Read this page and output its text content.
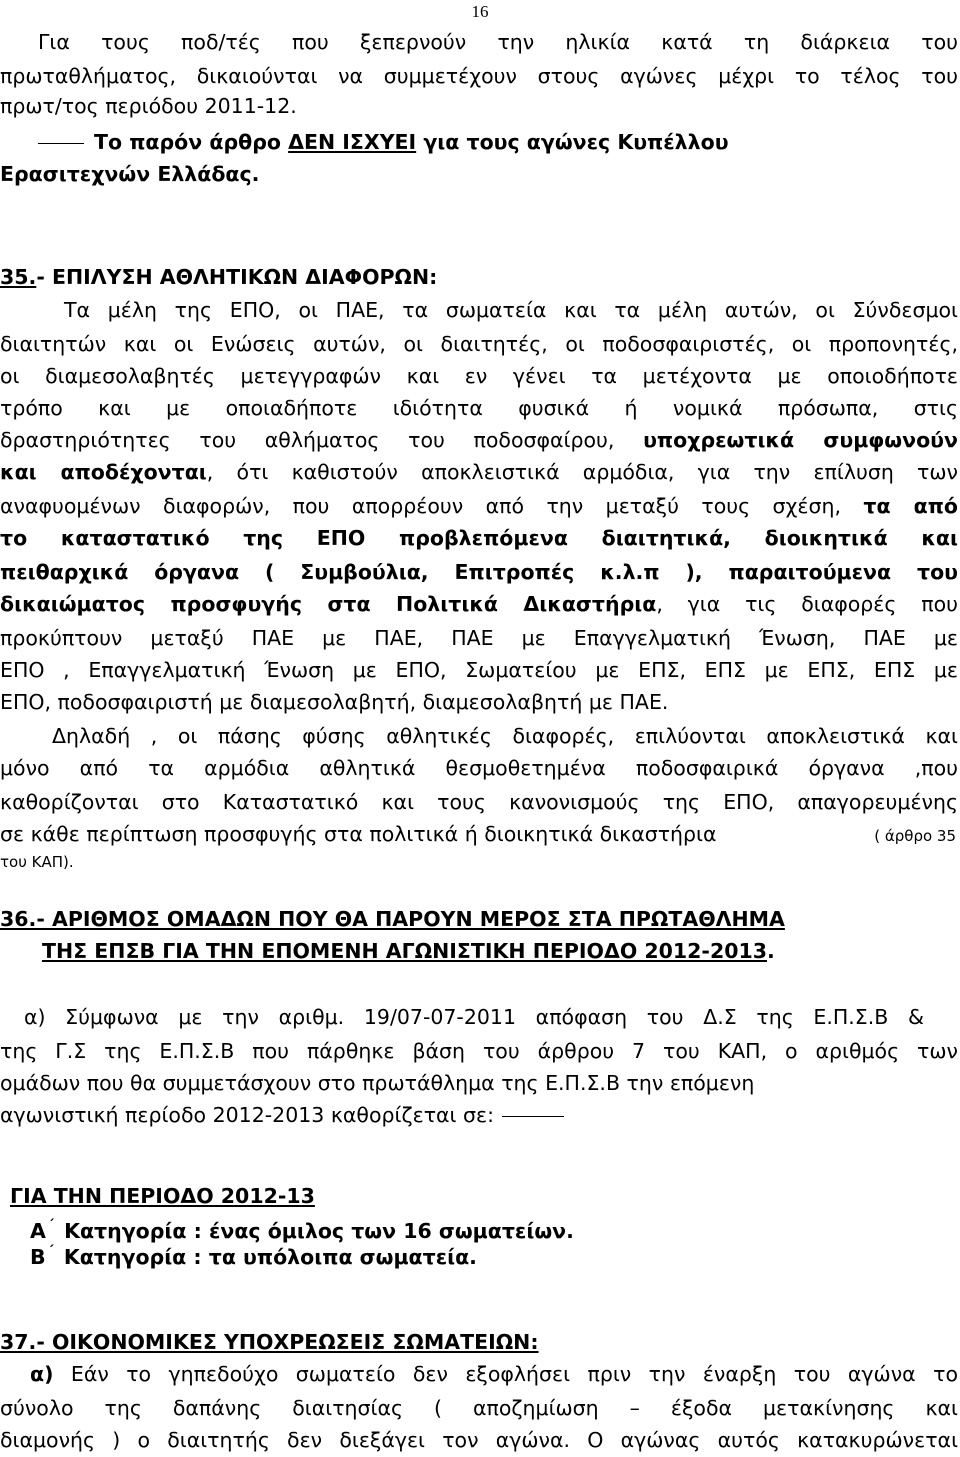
16
Για τους ποδ/τές που ξεπερνούν την ηλικία κατά τη διάρκεια του
πρωταθλήματος, δικαιούνται να συμμετέχουν στους αγώνες μέχρι το τέλος του
πρωτ/τος περιόδου 2011-12.
Το παρόν άρθρο ΔΕΝ ΙΣΧΥΕΙ για τους αγώνες Κυπέλλου
Ερασιτεχνών Ελλάδας.
35.- ΕΠΙΛΥΣΗ ΑΘΛΗΤΙΚΩΝ ΔΙΑΦΟΡΩΝ:
Τα μέλη της ΕΠΟ, οι ΠΑΕ, τα σωματεία και τα μέλη αυτών, οι Σύνδεσμοι
διαιτητών και οι Ενώσεις αυτών, οι διαιτητές, οι ποδοσφαιριστές, οι προπονητές,
οι διαμεσολαβητές μετεγγραφών και εν γένει τα μετέχοντα με οποιοδήποτε
τρόπο και με οποιαδήποτε ιδιότητα φυσικά ή νομικά πρόσωπα, στις
δραστηριότητες του αθλήματος του ποδοσφαίρου, υποχρεωτικά συμφωνούν
και αποδέχονται, ότι καθιστούν αποκλειστικά αρμόδια, για την επίλυση των
αναφυομένων διαφορών, που απορρέουν από την μεταξύ τους σχέση, τα από
το καταστατικό της ΕΠΟ προβλεπόμενα διαιτητικά, διοικητικά και
πειθαρχικά όργανα ( Συμβούλια, Επιτροπές κ.λ.π ), παραιτούμενα του
δικαιώματος προσφυγής στα Πολιτικά Δικαστήρια, για τις διαφορές που
προκύπτουν μεταξύ ΠΑΕ με ΠΑΕ, ΠΑΕ με Επαγγελματική Ένωση, ΠΑΕ με
ΕΠΟ , Επαγγελματική Ένωση με ΕΠΟ, Σωματείου με ΕΠΣ, ΕΠΣ με ΕΠΣ, ΕΠΣ με
ΕΠΟ, ποδοσφαιριστή με διαμεσολαβητή, διαμεσολαβητή με ΠΑΕ.
Δηλαδή , οι πάσης φύσης αθλητικές διαφορές, επιλύονται αποκλειστικά και
μόνο από τα αρμόδια αθλητικά θεσμοθετημένα ποδοσφαιρικά όργανα ,που
καθορίζονται στο Καταστατικό και τους κανονισμούς της ΕΠΟ, απαγορευμένης
σε κάθε περίπτωση προσφυγής στα πολιτικά ή διοικητικά δικαστήρια	( άρθρο 35
του ΚΑΠ).
36.- ΑΡΙΘΜΟΣ ΟΜΑΔΩΝ ΠΟΥ ΘΑ ΠΑΡΟΥΝ ΜΕΡΟΣ ΣΤΑ ΠΡΩΤΑΘΛΗΜΑ
ΤΗΣ ΕΠΣΒ ΓΙΑ ΤΗΝ ΕΠΟΜΕΝΗ ΑΓΩΝΙΣΤΙΚΗ ΠΕΡΙΟΔΟ 2012-2013.
α) Σύμφωνα με την αριθμ. 19/07-07-2011 απόφαση του Δ.Σ της Ε.Π.Σ.Β &
της Γ.Σ της Ε.Π.Σ.Β που πάρθηκε βάση του άρθρου 7 του ΚΑΠ, ο αριθμός των
ομάδων που θα συμμετάσχουν στο πρωτάθλημα της Ε.Π.Σ.Β την επόμενη
αγωνιστική περίοδο 2012-2013 καθορίζεται σε:
ΓΙΑ ΤΗΝ ΠΕΡΙΟΔΟ 2012-13
Α ΄ Κατηγορία : ένας όμιλος των 16 σωματείων.
Β ΄ Κατηγορία : τα υπόλοιπα σωματεία.
37.- ΟΙΚΟΝΟΜΙΚΕΣ ΥΠΟΧΡΕΩΣΕΙΣ ΣΩΜΑΤΕΙΩΝ:
α) Εάν το γηπεδούχο σωματείο δεν εξοφλήσει πριν την έναρξη του αγώνα το
σύνολο της δαπάνης διαιτησίας ( αποζημίωση – έξοδα μετακίνησης και
διαμονής ) ο διαιτητής δεν διεξάγει τον αγώνα. Ο αγώνας αυτός κατακυρώνεται
